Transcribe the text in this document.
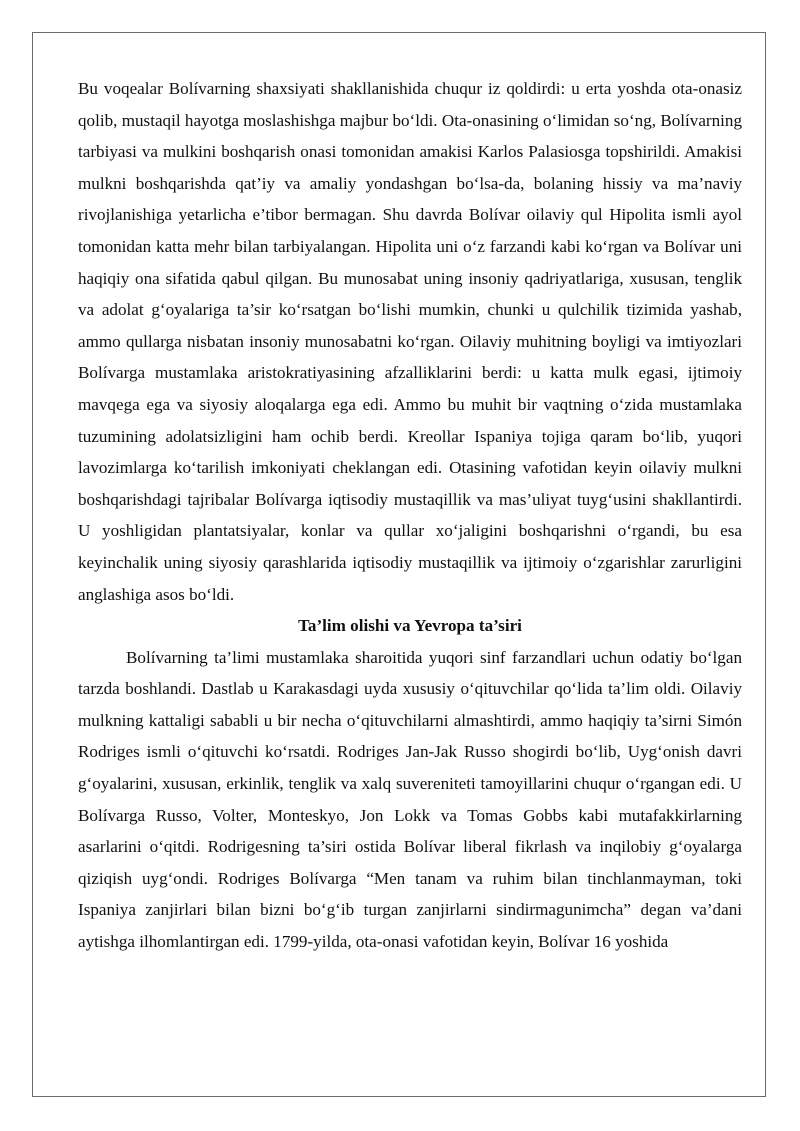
Bu voqealar Bolívarning shaxsiyati shakllanishida chuqur iz qoldirdi: u erta yoshda ota-onasiz qolib, mustaqil hayotga moslashishga majbur bo‘ldi. Ota-onasining o‘limidan so‘ng, Bolívarning tarbiyasi va mulkini boshqarish onasi tomonidan amakisi Karlos Palasiosga topshirildi. Amakisi mulkni boshqarishda qat’iy va amaliy yondashgan bo‘lsa-da, bolaning hissiy va ma’naviy rivojlanishiga yetarlicha e’tibor bermagan. Shu davrda Bolívar oilaviy qul Hipolita ismli ayol tomonidan katta mehr bilan tarbiyalangan. Hipolita uni o‘z farzandi kabi ko‘rgan va Bolívar uni haqiqiy ona sifatida qabul qilgan. Bu munosabat uning insoniy qadriyatlariga, xususan, tenglik va adolat g‘oyalariga ta’sir ko‘rsatgan bo‘lishi mumkin, chunki u qulchilik tizimida yashab, ammo qullarga nisbatan insoniy munosabatni ko‘rgan. Oilaviy muhitning boyligi va imtiyozlari Bolívarga mustamlaka aristokratiyasining afzalliklarini berdi: u katta mulk egasi, ijtimoiy mavqega ega va siyosiy aloqalarga ega edi. Ammo bu muhit bir vaqtning o‘zida mustamlaka tuzumining adolatsizligini ham ochib berdi. Kreollar Ispaniya tojiga qaram bo‘lib, yuqori lavozimlarga ko‘tarilish imkoniyati cheklangan edi. Otasining vafotidan keyin oilaviy mulkni boshqarishdagi tajribalar Bolívarga iqtisodiy mustaqillik va mas’uliyat tuyg‘usini shakllantirdi. U yoshligidan plantatsiyalar, konlar va qullar xo‘jaligini boshqarishni o‘rgandi, bu esa keyinchalik uning siyosiy qarashlarida iqtisodiy mustaqillik va ijtimoiy o‘zgarishlar zarurligini anglashiga asos bo‘ldi.

Ta’lim olishi va Yevropa ta’siri

Bolívarning ta’limi mustamlaka sharoitida yuqori sinf farzandlari uchun odatiy bo‘lgan tarzda boshlandi. Dastlab u Karakasdagi uyda xususiy o‘qituvchilar qo‘lida ta’lim oldi. Oilaviy mulkning kattaligi sababli u bir necha o‘qituvchilarni almashtirdi, ammo haqiqiy ta’sirni Simón Rodriges ismli o‘qituvchi ko‘rsatdi. Rodriges Jan-Jak Russo shogirdi bo‘lib, Uyg‘onish davri g‘oyalarini, xususan, erkinlik, tenglik va xalq suvereniteti tamoyillarini chuqur o‘rgangan edi. U Bolívarga Russo, Volter, Monteskyo, Jon Lokk va Tomas Gobbs kabi mutafakkirlarning asarlarini o‘qitdi. Rodrigesning ta’siri ostida Bolívar liberal fikrlash va inqilobiy g‘oyalarga qiziqish uyg‘ondi. Rodriges Bolívarga “Men tanam va ruhim bilan tinchlanmayman, toki Ispaniya zanjirlari bilan bizni bo‘g‘ib turgan zanjirlarni sindirmagunimcha” degan va’dani aytishga ilhomlantirgan edi. 1799-yilda, ota-onasi vafotidan keyin, Bolívar 16 yoshida
